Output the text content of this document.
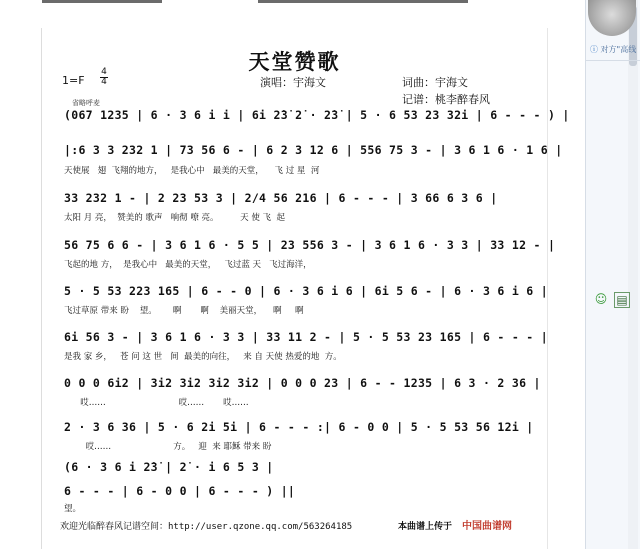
天堂赞歌
1=F
4
4	演唱：宇海文	词曲：宇海文
记谱：桃李醉春风
省略呼麦
(067 1235 | 6 · 3 6 i i | 6i 2̇3̇ 2̇ · 2̇3̇ | 5 · 6 53 23 32i | 6 - - - ) |
|:6 3 3 232 1 | 73 56 6 - | 6 2 3 12 6 | 556 75 3 - | 3 6 1 6 · 1 6 |
天使展   翅  飞翔的地方，   是我心中   最美的天堂，    飞 过 星  河
33 232 1 - | 2 23 53 3 | 2/4 56 216 | 6 - - - | 3 66 6 3 6 |
太阳 月 亮，  赞美的 歌声   响彻 嘹 亮。        天 使 飞  起
56 75 6 6 - | 3 6 1 6 · 5 5 | 23 556 3 - | 3 6 1 6 · 3 3 | 33 12 - |
飞起的地 方，  是我心中   最美的天堂，   飞过蓝 天   飞过海洋，
5 · 5 53 223 165 | 6 - - 0 | 6 · 3 6 i 6 | 6i 5 6 - | 6 · 3 6 i 6 |
飞过草原 带来 盼    望。      啊       啊    美丽天堂，    啊     啊
6i 56 3 - | 3 6 1 6 · 3 3 | 33 11 2 - | 5 · 5 53 23 165 | 6 - - - |
是我 家 乡，   苍 问 这 世   间  最美的向往，   来 自 天使 热爱的地  方。
0 0 0 6i2 | 3i2 3i2 3i2 3i2 | 0 0 0 23 | 6 - - 1235 | 6 3 · 2 36 |
哎……                           哎……       哎……
2 · 3 6 36 | 5 · 6 2i 5i | 6 - - - :| 6 - 0 0 | 5 · 5 53 56 12i |
哎……                       方。   迎  来 耶稣 带来 盼
(6 · 3 6 i 2̇3̇ | 2̇ · i 6 5 3 |
6 - - - | 6 - 0 0 | 6 - - - ) ||
望。
欢迎光临醉春风记谱空间：http://user.qzone.qq.com/563264185	本曲谱上传于 中国曲谱网
ⓘ 对方"高线
☺ ▤
